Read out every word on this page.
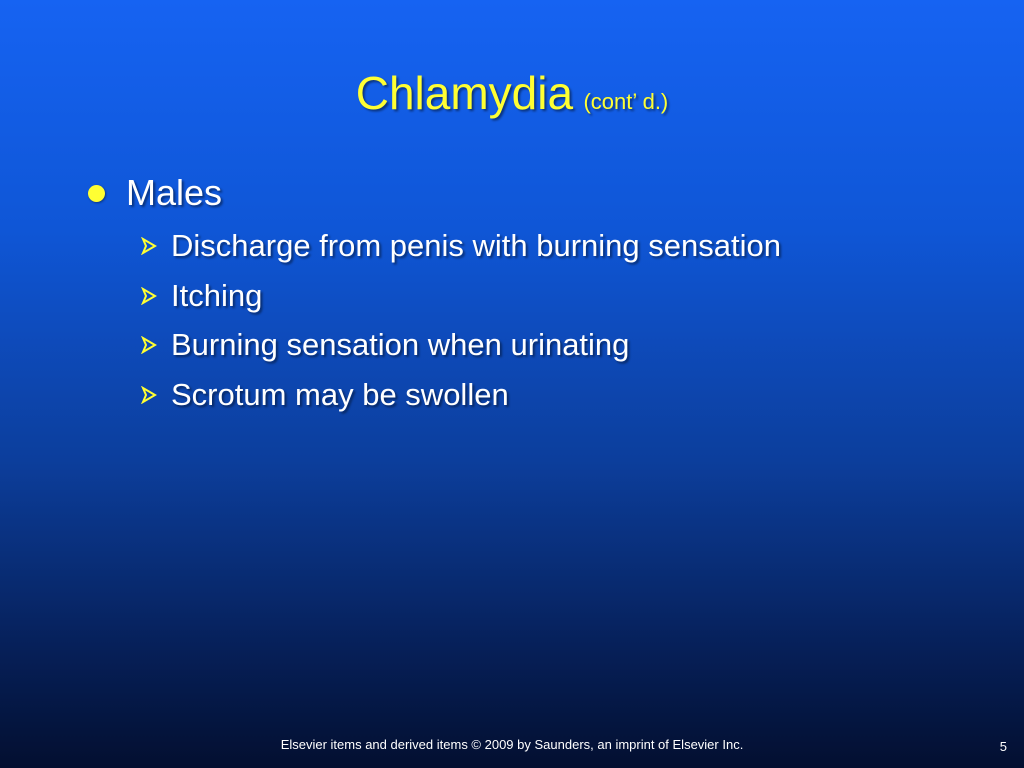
Chlamydia (cont’ d.)
Males
Discharge from penis with burning sensation
Itching
Burning sensation when urinating
Scrotum may be swollen
Elsevier items and derived items © 2009 by Saunders, an imprint of Elsevier Inc.	5
